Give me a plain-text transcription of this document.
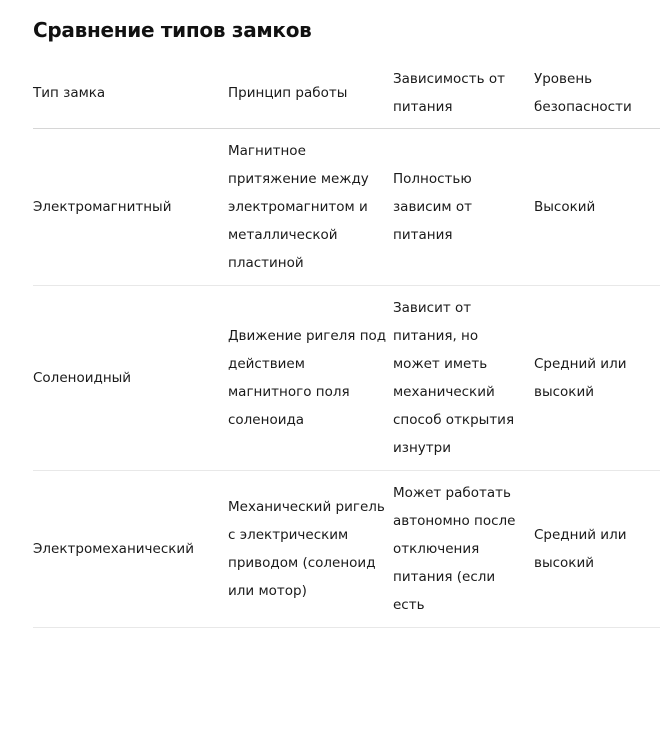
Сравнение типов замков
Тип замка	Принцип работы	Зависимость от питания	Уровень безопасности
Электромагнитный	Магнитное притяжение между электромагнитом и металлической пластиной	Полностью зависим от питания	Высокий
Соленоидный	Движение ригеля под действием магнитного поля соленоида	Зависит от питания, но может иметь механический способ открытия изнутри	Средний или высокий
Электромеханический	Механический ригель с электрическим приводом (соленоид или мотор)	Может работать автономно после отключения питания (если есть	Средний или высокий
